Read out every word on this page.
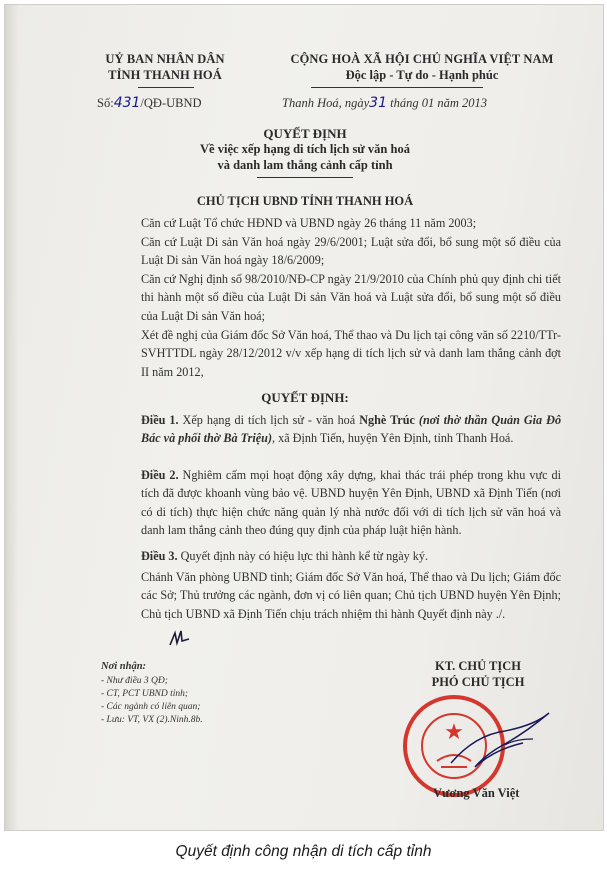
UỶ BAN NHÂN DÂN
TỈNH THANH HOÁ
CỘNG HOÀ XÃ HỘI CHỦ NGHĨA VIỆT NAM
Độc lập - Tự do - Hạnh phúc
Số:431/QĐ-UBND	Thanh Hoá, ngày31 tháng 01 năm 2013
QUYẾT ĐỊNH
Về việc xếp hạng di tích lịch sử văn hoá
và danh lam thắng cảnh cấp tỉnh
CHỦ TỊCH UBND TỈNH THANH HOÁ
Căn cứ Luật Tổ chức HĐND và UBND ngày 26 tháng 11 năm 2003;
Căn cứ Luật Di sản Văn hoá ngày 29/6/2001; Luật sửa đổi, bổ sung một số điều của Luật Di sản Văn hoá ngày 18/6/2009;
Căn cứ Nghị định số 98/2010/NĐ-CP ngày 21/9/2010 của Chính phủ quy định chi tiết thi hành một số điều của Luật Di sản Văn hoá và Luật sửa đổi, bổ sung một số điều của Luật Di sản Văn hoá;
Xét đề nghị của Giám đốc Sở Văn hoá, Thể thao và Du lịch tại công văn số 2210/TTr-SVHTTDL ngày 28/12/2012 v/v xếp hạng di tích lịch sử và danh lam thắng cảnh đợt II năm 2012,
QUYẾT ĐỊNH:
Điều 1. Xếp hạng di tích lịch sử - văn hoá Nghè Trúc (nơi thờ thần Quản Gia Đô Bác và phối thờ Bà Triệu), xã Định Tiến, huyện Yên Định, tỉnh Thanh Hoá.
Điều 2. Nghiêm cấm mọi hoạt động xây dựng, khai thác trái phép trong khu vực di tích đã được khoanh vùng bảo vệ. UBND huyện Yên Định, UBND xã Định Tiến (nơi có di tích) thực hiện chức năng quản lý nhà nước đối với di tích lịch sử văn hoá và danh lam thắng cảnh theo đúng quy định của pháp luật hiện hành.
Điều 3. Quyết định này có hiệu lực thi hành kể từ ngày ký.
Chánh Văn phòng UBND tỉnh; Giám đốc Sở Văn hoá, Thể thao và Du lịch; Giám đốc các Sở; Thủ trưởng các ngành, đơn vị có liên quan; Chủ tịch UBND huyện Yên Định; Chủ tịch UBND xã Định Tiến chịu trách nhiệm thi hành Quyết định này ./.
Nơi nhận:
- Như điều 3 QĐ;
- CT, PCT UBND tỉnh;
- Các ngành có liên quan;
- Lưu: VT, VX (2).Ninh.8b.
KT. CHỦ TỊCH
PHÓ CHỦ TỊCH
★
Vương Văn Việt
Quyết định công nhận di tích cấp tỉnh
